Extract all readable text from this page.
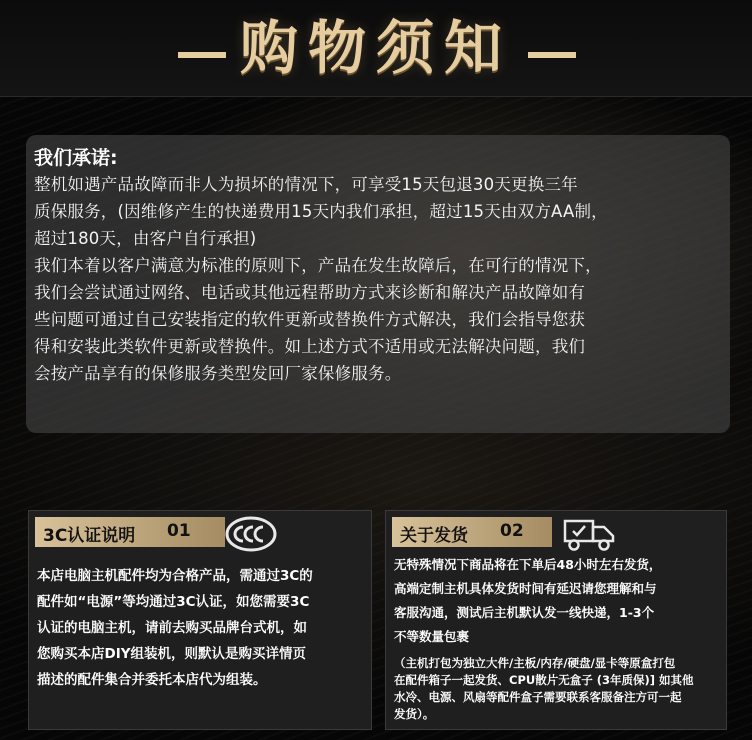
购物须知
我们承诺:
整机如遇产品故障而非人为损坏的情况下，可享受15天包退30天更换三年
质保服务，(因维修产生的快递费用15天内我们承担，超过15天由双方AA制，
超过180天，由客户自行承担)
我们本着以客户满意为标准的原则下，产品在发生故障后，在可行的情况下，
我们会尝试通过网络、电话或其他远程帮助方式来诊断和解决产品故障如有
些问题可通过自己安装指定的软件更新或替换件方式解决，我们会指导您获
得和安装此类软件更新或替换件。如上述方式不适用或无法解决问题，我们
会按产品享有的保修服务类型发回厂家保修服务。
3C认证说明 01
本店电脑主机配件均为合格产品，需通过3C的
配件如“电源”等均通过3C认证，如您需要3C
认证的电脑主机，请前去购买品牌台式机，如
您购买本店DIY组装机，则默认是购买详情页
描述的配件集合并委托本店代为组装。
关于发货 02
无特殊情况下商品将在下单后48小时左右发货，
高端定制主机具体发货时间有延迟请您理解和与
客服沟通，测试后主机默认发一线快递，1-3个
不等数量包裹
（主机打包为独立大件/主板/内存/硬盘/显卡等原盒打包
在配件箱子一起发货、CPU散片无盒子 (3年质保)] 如其他
水冷、电源、风扇等配件盒子需要联系客服备注方可一起
发货）。
